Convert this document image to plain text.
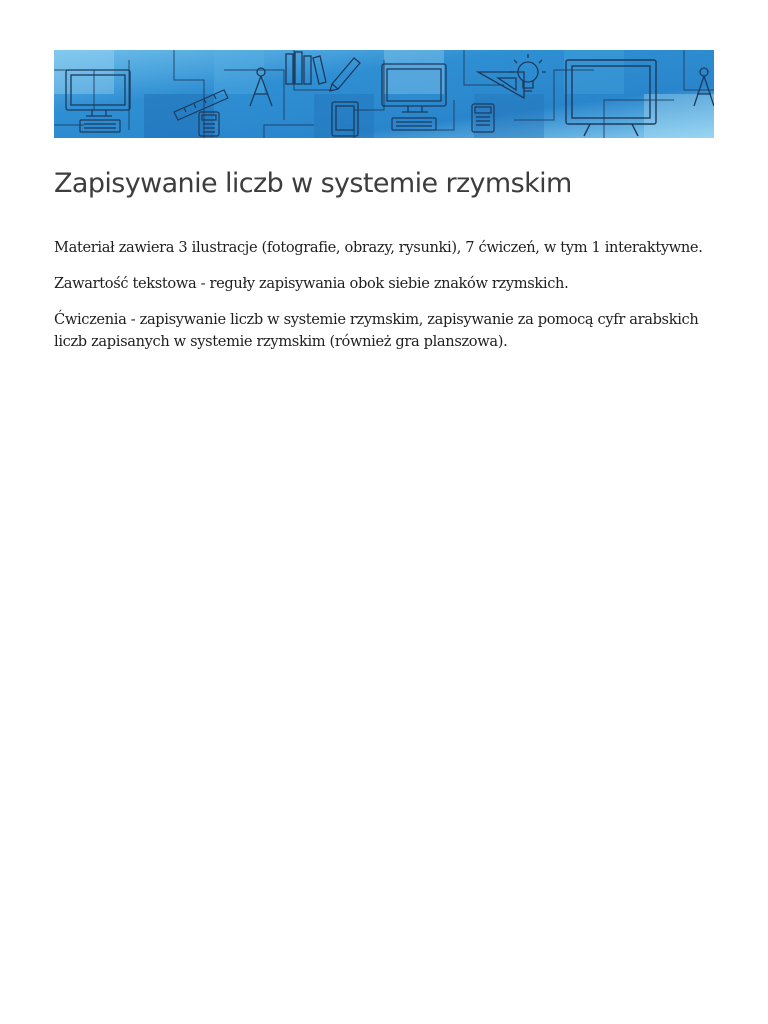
Zapisywanie liczb w systemie rzymskim

Materiał zawiera 3 ilustracje (fotografie, obrazy, rysunki), 7 ćwiczeń, w tym 1 interaktywne.

Zawartość tekstowa - reguły zapisywania obok siebie znaków rzymskich.

Ćwiczenia - zapisywanie liczb w systemie rzymskim, zapisywanie za pomocą cyfr arabskich liczb zapisanych w systemie rzymskim (również gra planszowa).
